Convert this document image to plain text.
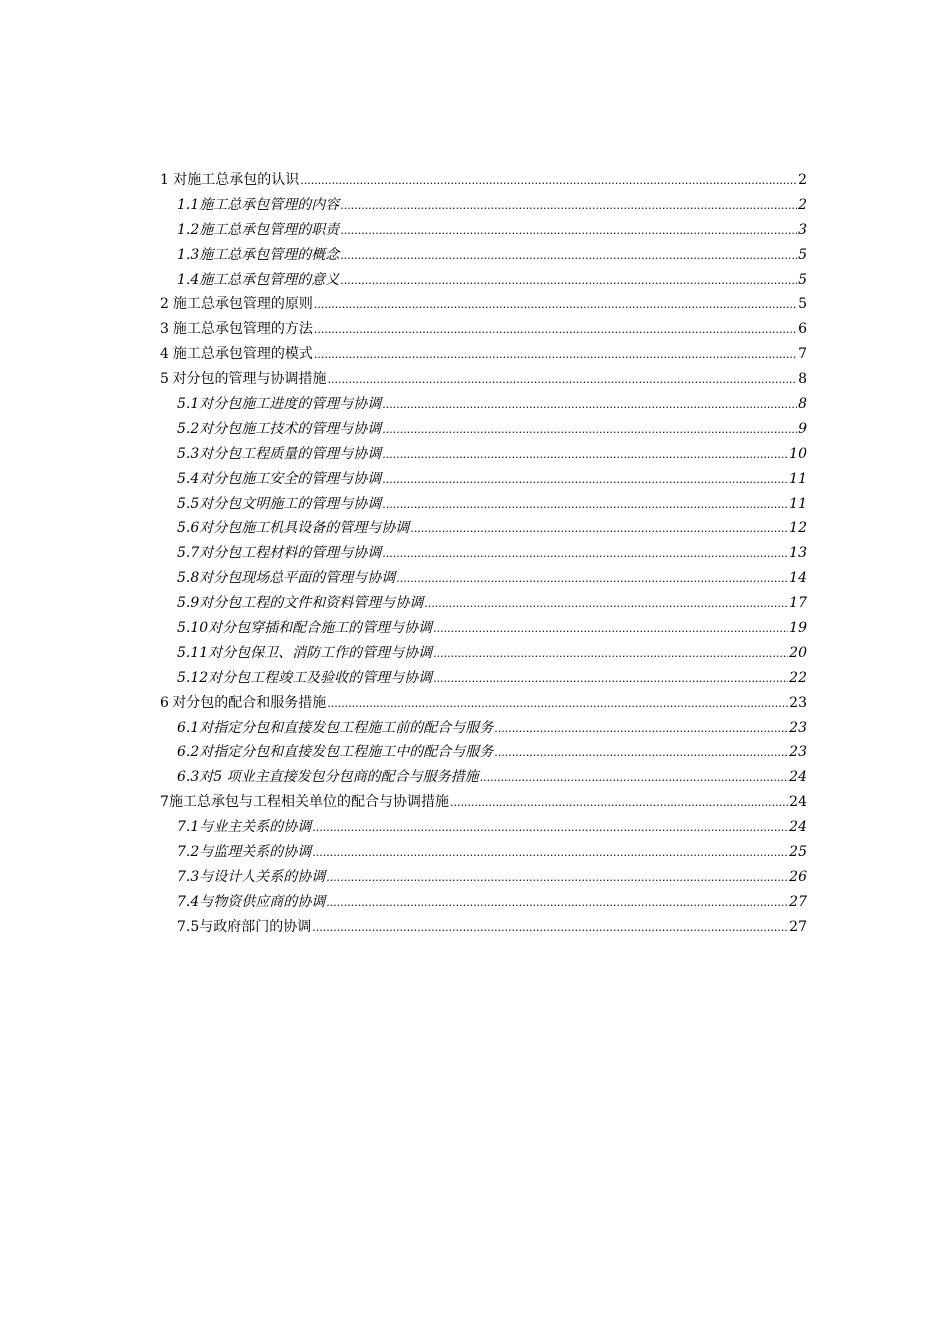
1 对施工总承包的认识 .....	2
1.1 施工总承包管理的内容 .....	2
1.2 施工总承包管理的职责 .....	3
1.3 施工总承包管理的概念 .....	5
1.4 施工总承包管理的意义 .....	5
2 施工总承包管理的原则 .....	5
3 施工总承包管理的方法 .....	6
4 施工总承包管理的模式 .....	7
5 对分包的管理与协调措施 .....	8
5.1 对分包施工进度的管理与协调 .....	8
5.2 对分包施工技术的管理与协调 .....	9
5.3 对分包工程质量的管理与协调 .....	10
5.4 对分包施工安全的管理与协调 .....	11
5.5 对分包文明施工的管理与协调 .....	11
5.6 对分包施工机具设备的管理与协调 .....	12
5.7 对分包工程材料的管理与协调 .....	13
5.8 对分包现场总平面的管理与协调 .....	14
5.9 对分包工程的文件和资料管理与协调 .....	17
5.10 对分包穿插和配合施工的管理与协调 .....	19
5.11 对分包保卫、消防工作的管理与协调 .....	20
5.12 对分包工程竣工及验收的管理与协调 .....	22
6 对分包的配合和服务措施 .....	23
6.1 对指定分包和直接发包工程施工前的配合与服务 .....	23
6.2 对指定分包和直接发包工程施工中的配合与服务 .....	23
6.3 对5 项业主直接发包分包商的配合与服务措施 .....	24
7 施工总承包与工程相关单位的配合与协调措施 .....	24
7.1 与业主关系的协调 .....	24
7.2 与监理关系的协调 .....	25
7.3 与设计人关系的协调 .....	26
7.4 与物资供应商的协调 .....	27
7.5 与政府部门的协调 .....	27
